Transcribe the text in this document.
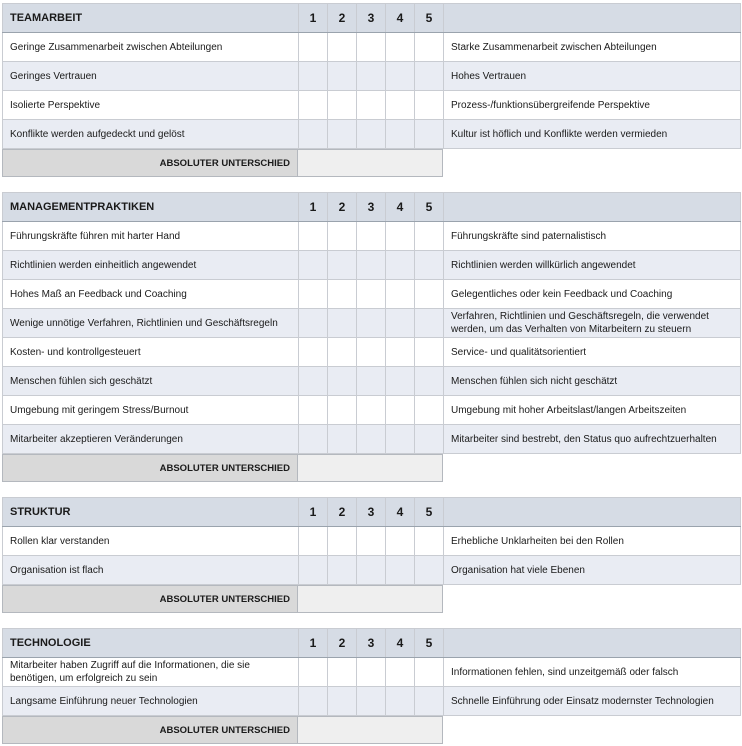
TEAMARBEIT	1	2	3	4	5	
Geringe Zusammenarbeit zwischen Abteilungen						Starke Zusammenarbeit zwischen Abteilungen
Geringes Vertrauen						Hohes Vertrauen
Isolierte Perspektive						Prozess-/funktionsübergreifende Perspektive
Konflikte werden aufgedeckt und gelöst						Kultur ist höflich und Konflikte werden vermieden
ABSOLUTER UNTERSCHIED
MANAGEMENTPRAKTIKEN	1	2	3	4	5	
Führungskräfte führen mit harter Hand						Führungskräfte sind paternalistisch
Richtlinien werden einheitlich angewendet						Richtlinien werden willkürlich angewendet
Hohes Maß an Feedback und Coaching						Gelegentliches oder kein Feedback und Coaching
Wenige unnötige Verfahren, Richtlinien und Geschäftsregeln						Verfahren, Richtlinien und Geschäftsregeln, die verwendet werden, um das Verhalten von Mitarbeitern zu steuern
Kosten- und kontrollgesteuert						Service- und qualitätsorientiert
Menschen fühlen sich geschätzt						Menschen fühlen sich nicht geschätzt
Umgebung mit geringem Stress/Burnout						Umgebung mit hoher Arbeitslast/langen Arbeitszeiten
Mitarbeiter akzeptieren Veränderungen						Mitarbeiter sind bestrebt, den Status quo aufrechtzuerhalten
ABSOLUTER UNTERSCHIED
STRUKTUR	1	2	3	4	5	
Rollen klar verstanden						Erhebliche Unklarheiten bei den Rollen
Organisation ist flach						Organisation hat viele Ebenen
ABSOLUTER UNTERSCHIED
TECHNOLOGIE	1	2	3	4	5	
Mitarbeiter haben Zugriff auf die Informationen, die sie benötigen, um erfolgreich zu sein						Informationen fehlen, sind unzeitgemäß oder falsch
Langsame Einführung neuer Technologien						Schnelle Einführung oder Einsatz modernster Technologien
ABSOLUTER UNTERSCHIED
